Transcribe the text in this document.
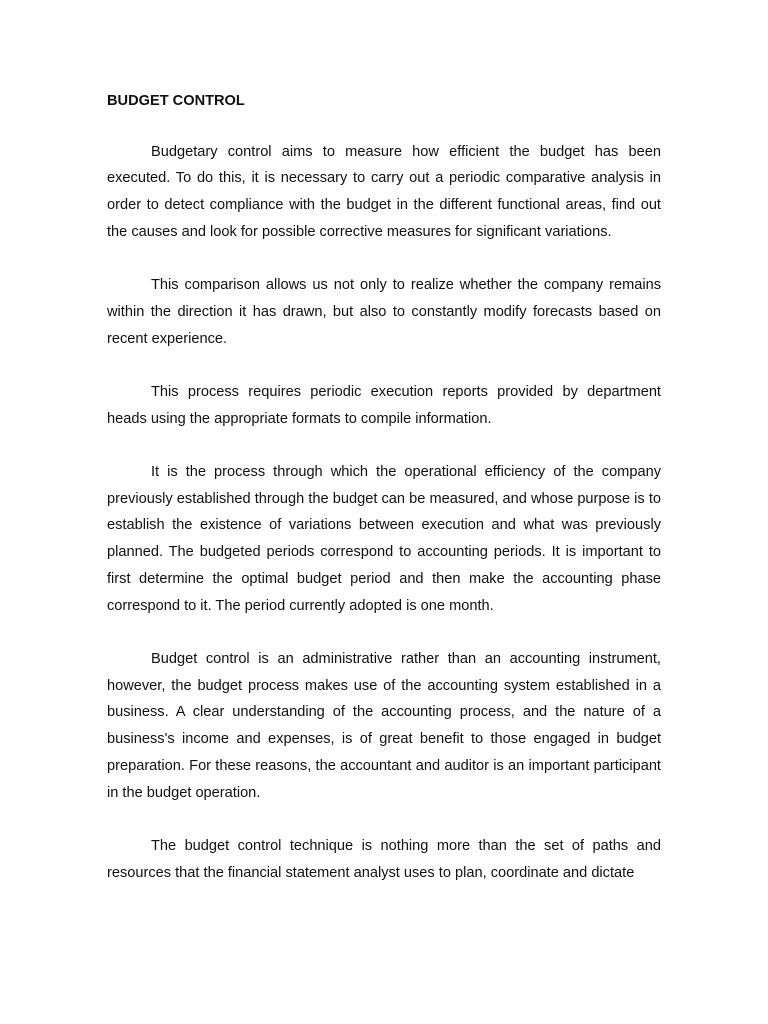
BUDGET CONTROL

Budgetary control aims to measure how efficient the budget has been executed. To do this, it is necessary to carry out a periodic comparative analysis in order to detect compliance with the budget in the different functional areas, find out the causes and look for possible corrective measures for significant variations.

This comparison allows us not only to realize whether the company remains within the direction it has drawn, but also to constantly modify forecasts based on recent experience.

This process requires periodic execution reports provided by department heads using the appropriate formats to compile information.

It is the process through which the operational efficiency of the company previously established through the budget can be measured, and whose purpose is to establish the existence of variations between execution and what was previously planned. The budgeted periods correspond to accounting periods. It is important to first determine the optimal budget period and then make the accounting phase correspond to it. The period currently adopted is one month.

Budget control is an administrative rather than an accounting instrument, however, the budget process makes use of the accounting system established in a business. A clear understanding of the accounting process, and the nature of a business's income and expenses, is of great benefit to those engaged in budget preparation. For these reasons, the accountant and auditor is an important participant in the budget operation.

The budget control technique is nothing more than the set of paths and resources that the financial statement analyst uses to plan, coordinate and dictate
